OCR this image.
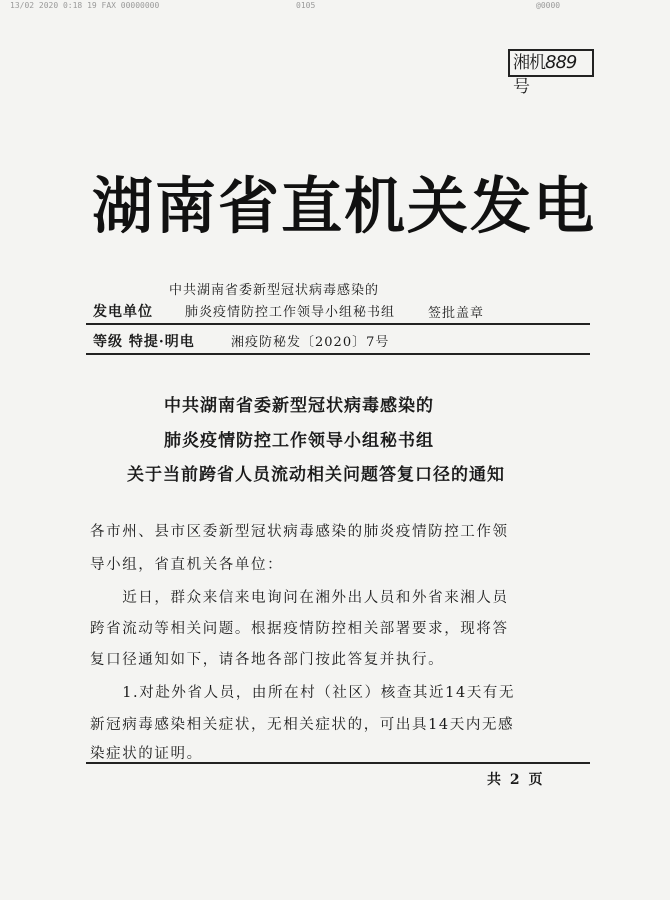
13/02 2020 0:18 19 FAX 00000000	0105	@0000
湘机889号
湖南省直机关发电
中共湖南省委新型冠状病毒感染的
发电单位 肺炎疫情防控工作领导小组秘书组	签批盖章
等级 特提·明电	湘疫防秘发〔2020〕7号
中共湖南省委新型冠状病毒感染的
肺炎疫情防控工作领导小组秘书组
关于当前跨省人员流动相关问题答复口径的通知
各市州、县市区委新型冠状病毒感染的肺炎疫情防控工作领
导小组，省直机关各单位：
　　近日，群众来信来电询问在湘外出人员和外省来湘人员
跨省流动等相关问题。根据疫情防控相关部署要求，现将答
复口径通知如下，请各地各部门按此答复并执行。
　　1.对赴外省人员，由所在村（社区）核查其近14天有无
新冠病毒感染相关症状，无相关症状的，可出具14天内无感
染症状的证明。
共 2 页
